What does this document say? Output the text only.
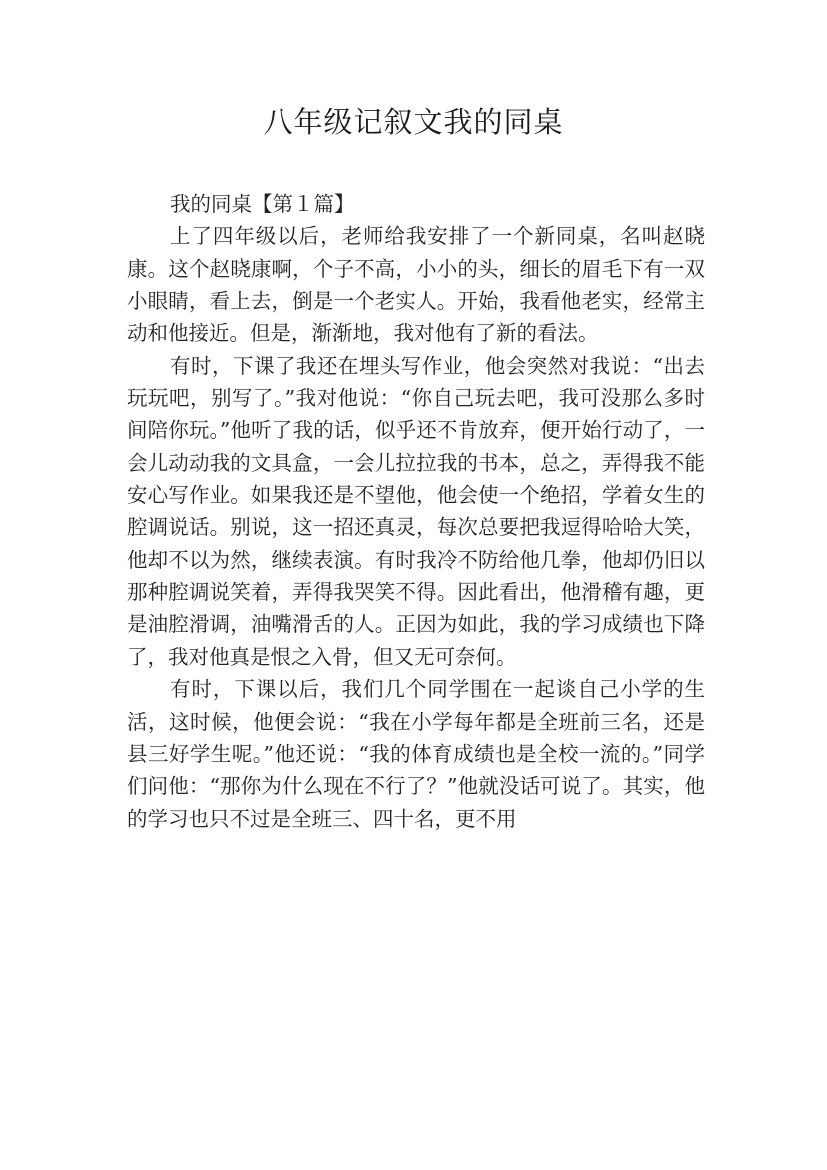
八年级记叙文我的同桌

我的同桌【第１篇】

上了四年级以后，老师给我安排了一个新同桌，名叫赵晓康。这个赵晓康啊，个子不高，小小的头，细长的眉毛下有一双小眼睛，看上去，倒是一个老实人。开始，我看他老实，经常主动和他接近。但是，渐渐地，我对他有了新的看法。

有时，下课了我还在埋头写作业，他会突然对我说：“出去玩玩吧，别写了。”我对他说：“你自己玩去吧，我可没那么多时间陪你玩。”他听了我的话，似乎还不肯放弃，便开始行动了，一会儿动动我的文具盒，一会儿拉拉我的书本，总之，弄得我不能安心写作业。如果我还是不望他，他会使一个绝招，学着女生的腔调说话。别说，这一招还真灵，每次总要把我逗得哈哈大笑，他却不以为然，继续表演。有时我冷不防给他几拳，他却仍旧以那种腔调说笑着，弄得我哭笑不得。因此看出，他滑稽有趣，更是油腔滑调，油嘴滑舌的人。正因为如此，我的学习成绩也下降了，我对他真是恨之入骨，但又无可奈何。

有时，下课以后，我们几个同学围在一起谈自己小学的生活，这时候，他便会说：“我在小学每年都是全班前三名，还是县三好学生呢。”他还说：“我的体育成绩也是全校一流的。”同学们问他：“那你为什么现在不行了？”他就没话可说了。其实，他的学习也只不过是全班三、四十名，更不用
